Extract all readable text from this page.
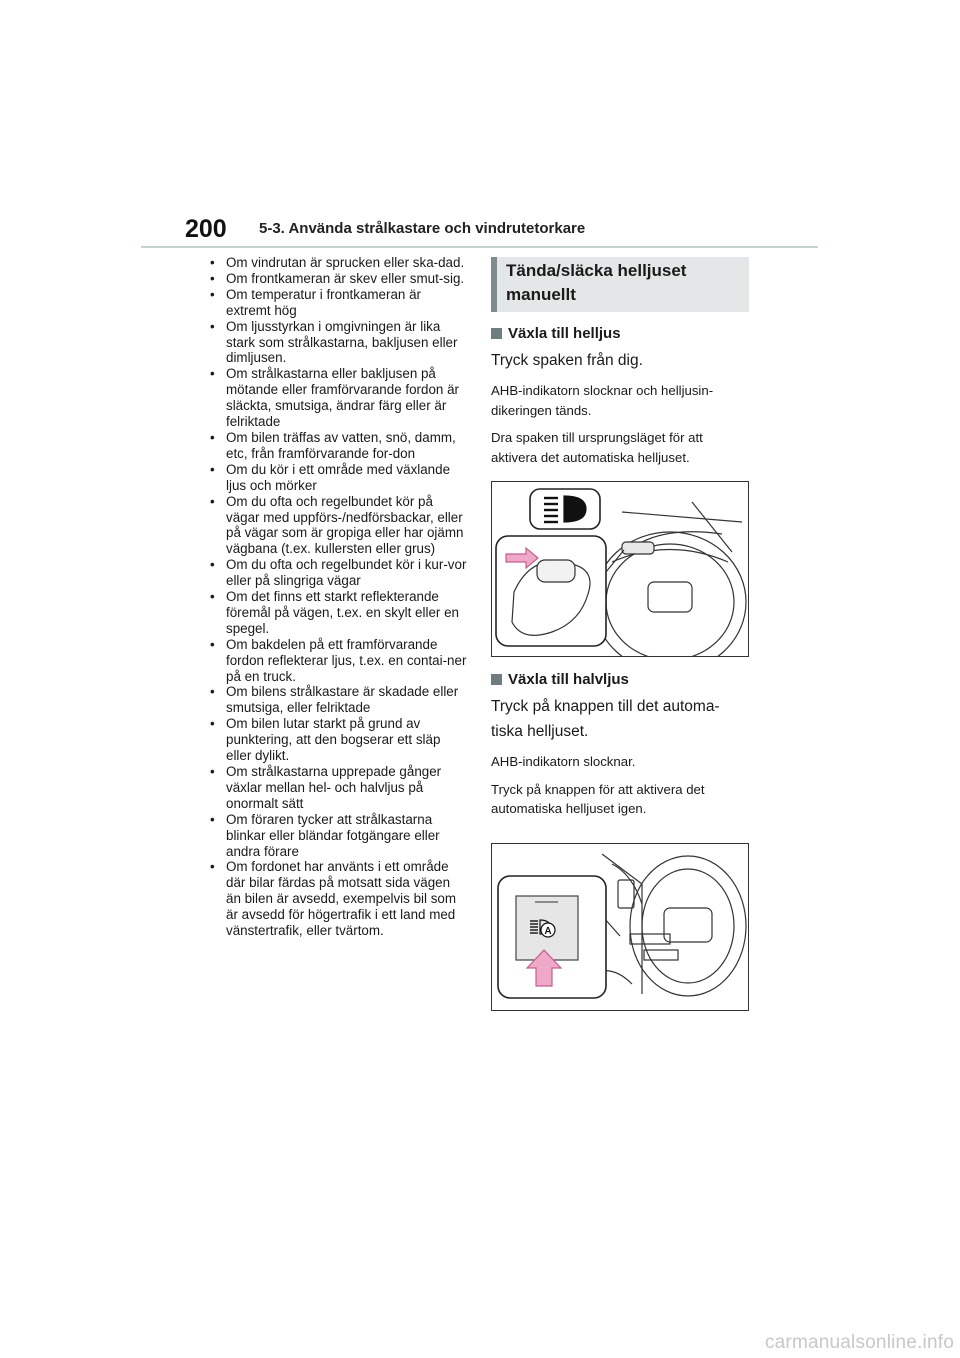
200 5-3. Använda strålkastare och vindrutetorkare
• Om vindrutan är sprucken eller ska-dad.
• Om frontkameran är skev eller smut-sig.
• Om temperatur i frontkameran är extremt hög
• Om ljusstyrkan i omgivningen är lika stark som strålkastarna, bakljusen eller dimljusen.
• Om strålkastarna eller bakljusen på mötande eller framförvarande fordon är släckta, smutsiga, ändrar färg eller är felriktade
• Om bilen träffas av vatten, snö, damm, etc, från framförvarande for-don
• Om du kör i ett område med växlande ljus och mörker
• Om du ofta och regelbundet kör på vägar med uppförs-/nedförsbackar, eller på vägar som är gropiga eller har ojämn vägbana (t.ex. kullersten eller grus)
• Om du ofta och regelbundet kör i kur-vor eller på slingriga vägar
• Om det finns ett starkt reflekterande föremål på vägen, t.ex. en skylt eller en spegel.
• Om bakdelen på ett framförvarande fordon reflekterar ljus, t.ex. en contai-ner på en truck.
• Om bilens strålkastare är skadade eller smutsiga, eller felriktade
• Om bilen lutar starkt på grund av punktering, att den bogserar ett släp eller dylikt.
• Om strålkastarna upprepade gånger växlar mellan hel- och halvljus på onormalt sätt
• Om föraren tycker att strålkastarna blinkar eller bländar fotgängare eller andra förare
• Om fordonet har använts i ett område där bilar färdas på motsatt sida vägen än bilen är avsedd, exempelvis bil som är avsedd för högertrafik i ett land med vänstertrafik, eller tvärtom.
Tända/släcka helljuset
manuellt
Växla till helljus
Tryck spaken från dig.
AHB-indikatorn slocknar och helljusin-dikeringen tänds.
Dra spaken till ursprungsläget för att aktivera det automatiska helljuset.
Växla till halvljus
Tryck på knappen till det automa-tiska helljuset.
AHB-indikatorn slocknar.
Tryck på knappen för att aktivera det automatiska helljuset igen.
A
carmanualsonline.info
